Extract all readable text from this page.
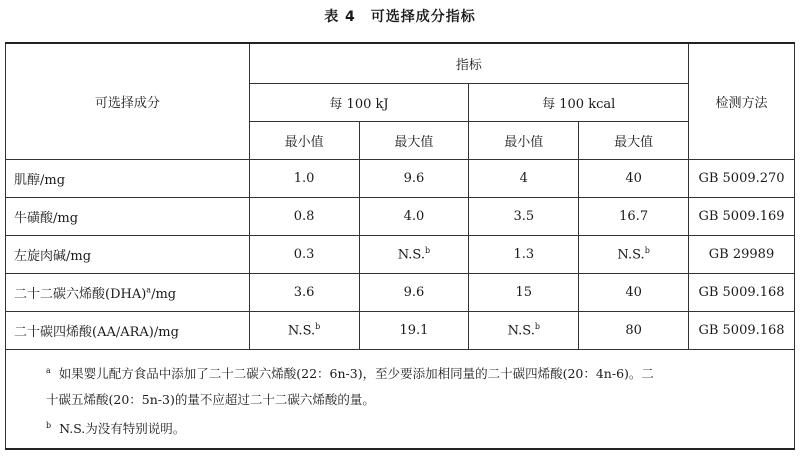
表 4　可选择成分指标
可选择成分	指标				检测方法
	每 100 kJ		每 100 kcal		
	最小值	最大值	最小值	最大值	
肌醇/mg	1.0	9.6	4	40	GB 5009.270
牛磺酸/mg	0.8	4.0	3.5	16.7	GB 5009.169
左旋肉碱/mg	0.3	N.S.$^b$	1.3	N.S.$^b$	GB 29989
二十二碳六烯酸(DHA)$^a$/mg	3.6	9.6	15	40	GB 5009.168
二十碳四烯酸(AA/ARA)/mg	N.S.$^b$	19.1	N.S.$^b$	80	GB 5009.168

$^a$ 如果婴儿配方食品中添加了二十二碳六烯酸(22：6n-3)，至少要添加相同量的二十碳四烯酸(20：4n-6)。二
十碳五烯酸(20：5n-3)的量不应超过二十二碳六烯酸的量。
$^b$ N.S.为没有特别说明。					
